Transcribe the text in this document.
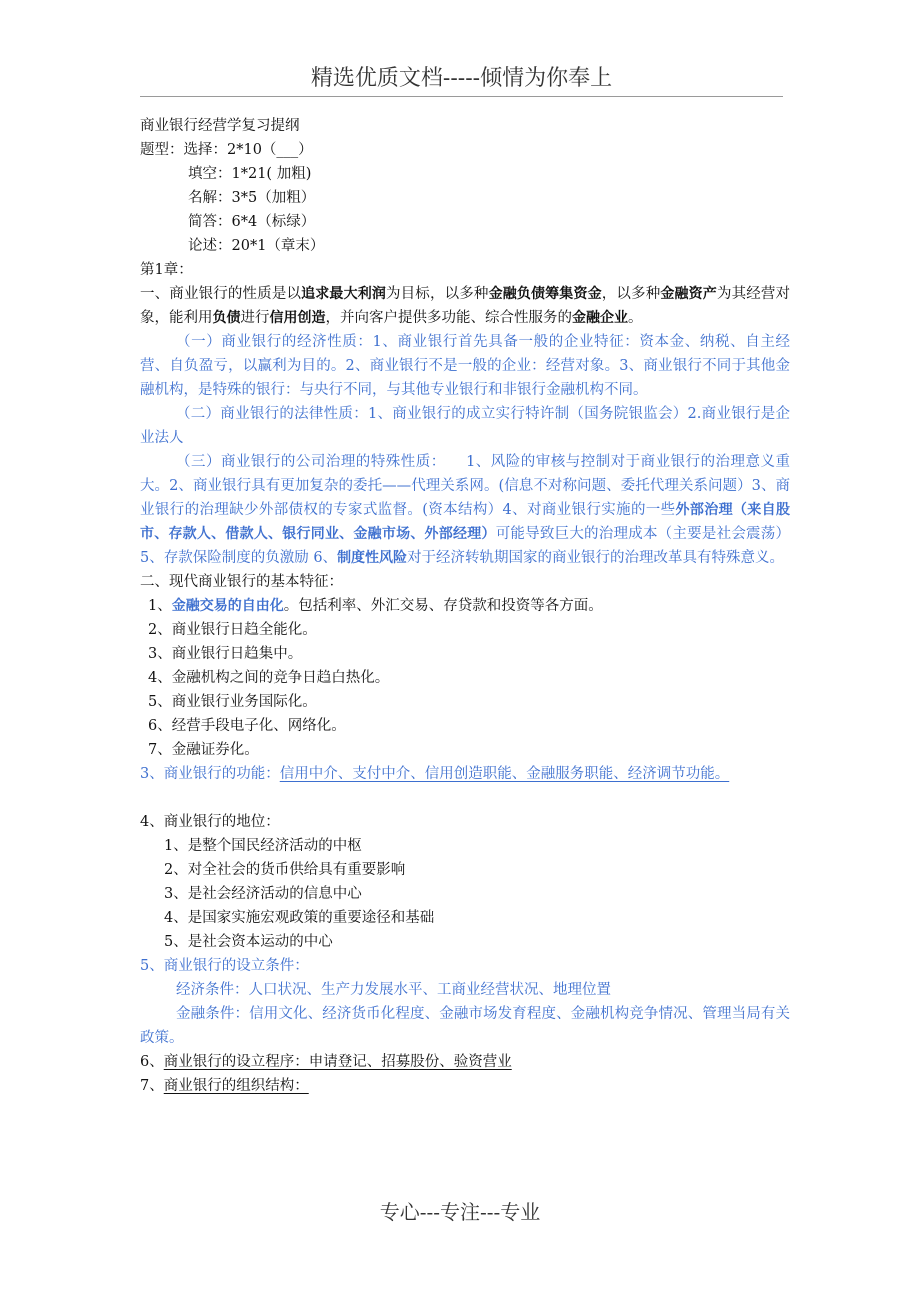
精选优质文档-----倾情为你奉上

商业银行经营学复习提纲

题型：选择：2*10（___）

填空：1*21( 加粗)

名解：3*5（加粗）

简答：6*4（标绿）

论述：20*1（章末）

第1章：

一、商业银行的性质是以追求最大利润为目标，以多种金融负债筹集资金，以多种金融资产为其经营对象，能利用负债进行信用创造，并向客户提供多功能、综合性服务的金融企业。

（一）商业银行的经济性质：1、商业银行首先具备一般的企业特征：资本金、纳税、自主经营、自负盈亏，以赢利为目的。2、商业银行不是一般的企业：经营对象。3、商业银行不同于其他金融机构，是特殊的银行：与央行不同，与其他专业银行和非银行金融机构不同。

（二）商业银行的法律性质：1、商业银行的成立实行特许制（国务院银监会）2.商业银行是企业法人

（三）商业银行的公司治理的特殊性质：    1、风险的审核与控制对于商业银行的治理意义重大。2、商业银行具有更加复杂的委托——代理关系网。(信息不对称问题、委托代理关系问题）3、商业银行的治理缺少外部债权的专家式监督。(资本结构）4、对商业银行实施的一些外部治理（来自股市、存款人、借款人、银行同业、金融市场、外部经理）可能导致巨大的治理成本（主要是社会震荡）5、存款保险制度的负激励 6、制度性风险对于经济转轨期国家的商业银行的治理改革具有特殊意义。

二、现代商业银行的基本特征：

1、金融交易的自由化。包括利率、外汇交易、存贷款和投资等各方面。

2、商业银行日趋全能化。

3、商业银行日趋集中。

4、金融机构之间的竞争日趋白热化。

5、商业银行业务国际化。

6、经营手段电子化、网络化。

7、金融证券化。

3、商业银行的功能：信用中介、支付中介、信用创造职能、金融服务职能、经济调节功能。

4、商业银行的地位：

1、是整个国民经济活动的中枢

2、对全社会的货币供给具有重要影响

3、是社会经济活动的信息中心

4、是国家实施宏观政策的重要途径和基础

5、是社会资本运动的中心

5、商业银行的设立条件：

经济条件：人口状况、生产力发展水平、工商业经营状况、地理位置

金融条件：信用文化、经济货币化程度、金融市场发育程度、金融机构竞争情况、管理当局有关政策。

6、商业银行的设立程序：申请登记、招募股份、验资营业

7、商业银行的组织结构：

专心---专注---专业
